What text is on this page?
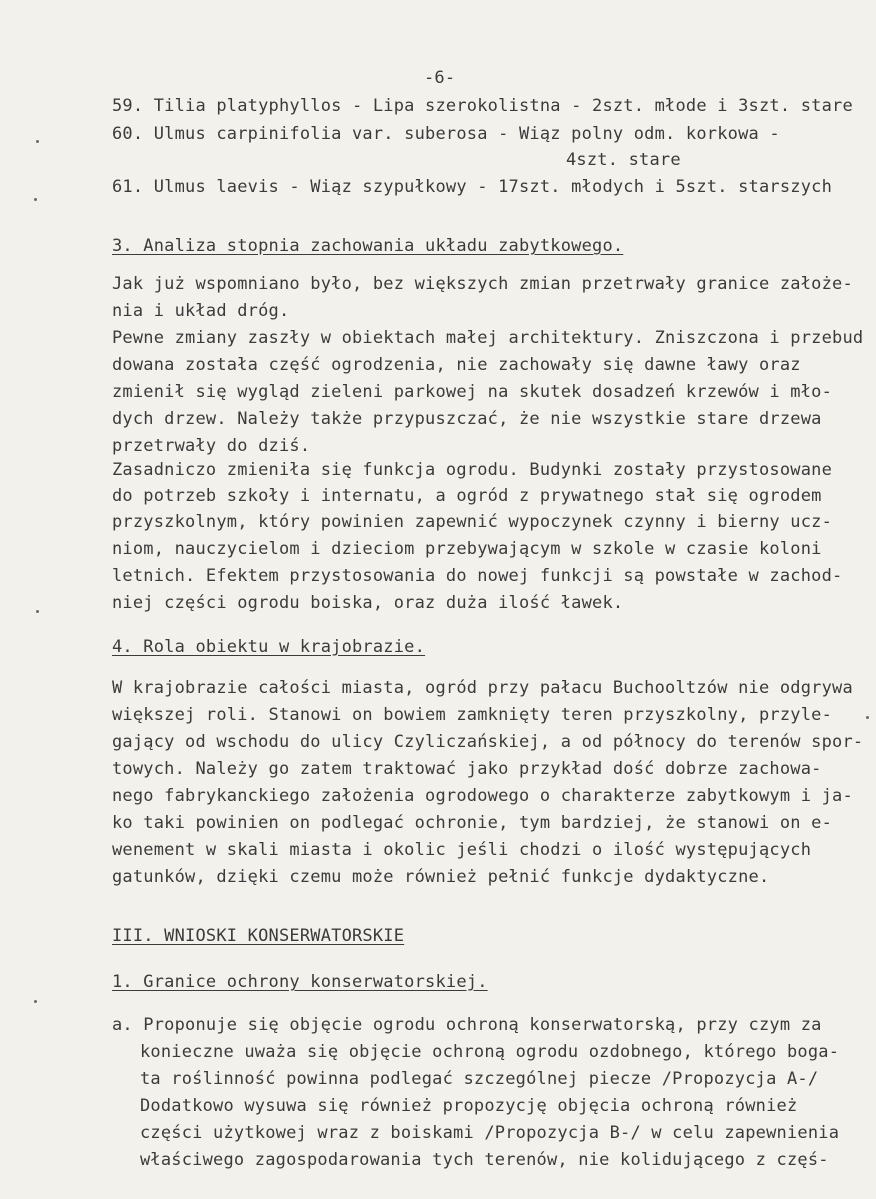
-6-
59. Tilia platyphyllos - Lipa szerokolistna - 2szt. młode i 3szt. stare
60. Ulmus carpinifolia var. suberosa - Wiąz polny odm. korkowa -
4szt. stare
61. Ulmus laevis - Wiąz szypułkowy - 17szt. młodych i 5szt. starszych
3. Analiza stopnia zachowania układu zabytkowego.
Jak już wspomniano było, bez większych zmian przetrwały granice założe-
nia i układ dróg.
Pewne zmiany zaszły w obiektach małej architektury. Zniszczona i przebud
dowana została część ogrodzenia, nie zachowały się dawne ławy oraz
zmienił się wygląd zieleni parkowej na skutek dosadzeń krzewów i mło-
dych drzew. Należy także przypuszczać, że nie wszystkie stare drzewa
przetrwały do dziś.
Zasadniczo zmieniła się funkcja ogrodu. Budynki zostały przystosowane
do potrzeb szkoły i internatu, a ogród z prywatnego stał się ogrodem
przyszkolnym, który powinien zapewnić wypoczynek czynny i bierny ucz-
niom, nauczycielom i dzieciom przebywającym w szkole w czasie koloni
letnich. Efektem przystosowania do nowej funkcji są powstałe w zachod-
niej części ogrodu boiska, oraz duża ilość ławek.
4. Rola obiektu w krajobrazie.
W krajobrazie całości miasta, ogród przy pałacu Buchooltzów nie odgrywa
większej roli. Stanowi on bowiem zamknięty teren przyszkolny, przyle-
gający od wschodu do ulicy Czyliczańskiej, a od północy do terenów spor-
towych. Należy go zatem traktować jako przykład dość dobrze zachowa-
nego fabrykanckiego założenia ogrodowego o charakterze zabytkowym i ja-
ko taki powinien on podlegać ochronie, tym bardziej, że stanowi on e-
wenement w skali miasta i okolic jeśli chodzi o ilość występujących
gatunków, dzięki czemu może również pełnić funkcje dydaktyczne.
III. WNIOSKI KONSERWATORSKIE
1. Granice ochrony konserwatorskiej.
a. Proponuje się objęcie ogrodu ochroną konserwatorską, przy czym za
konieczne uważa się objęcie ochroną ogrodu ozdobnego, którego boga-
ta roślinność powinna podlegać szczególnej piecze /Propozycja A-/
Dodatkowo wysuwa się również propozycję objęcia ochroną również
części użytkowej wraz z boiskami /Propozycja B-/ w celu zapewnienia
właściwego zagospodarowania tych terenów, nie kolidującego z częś-
